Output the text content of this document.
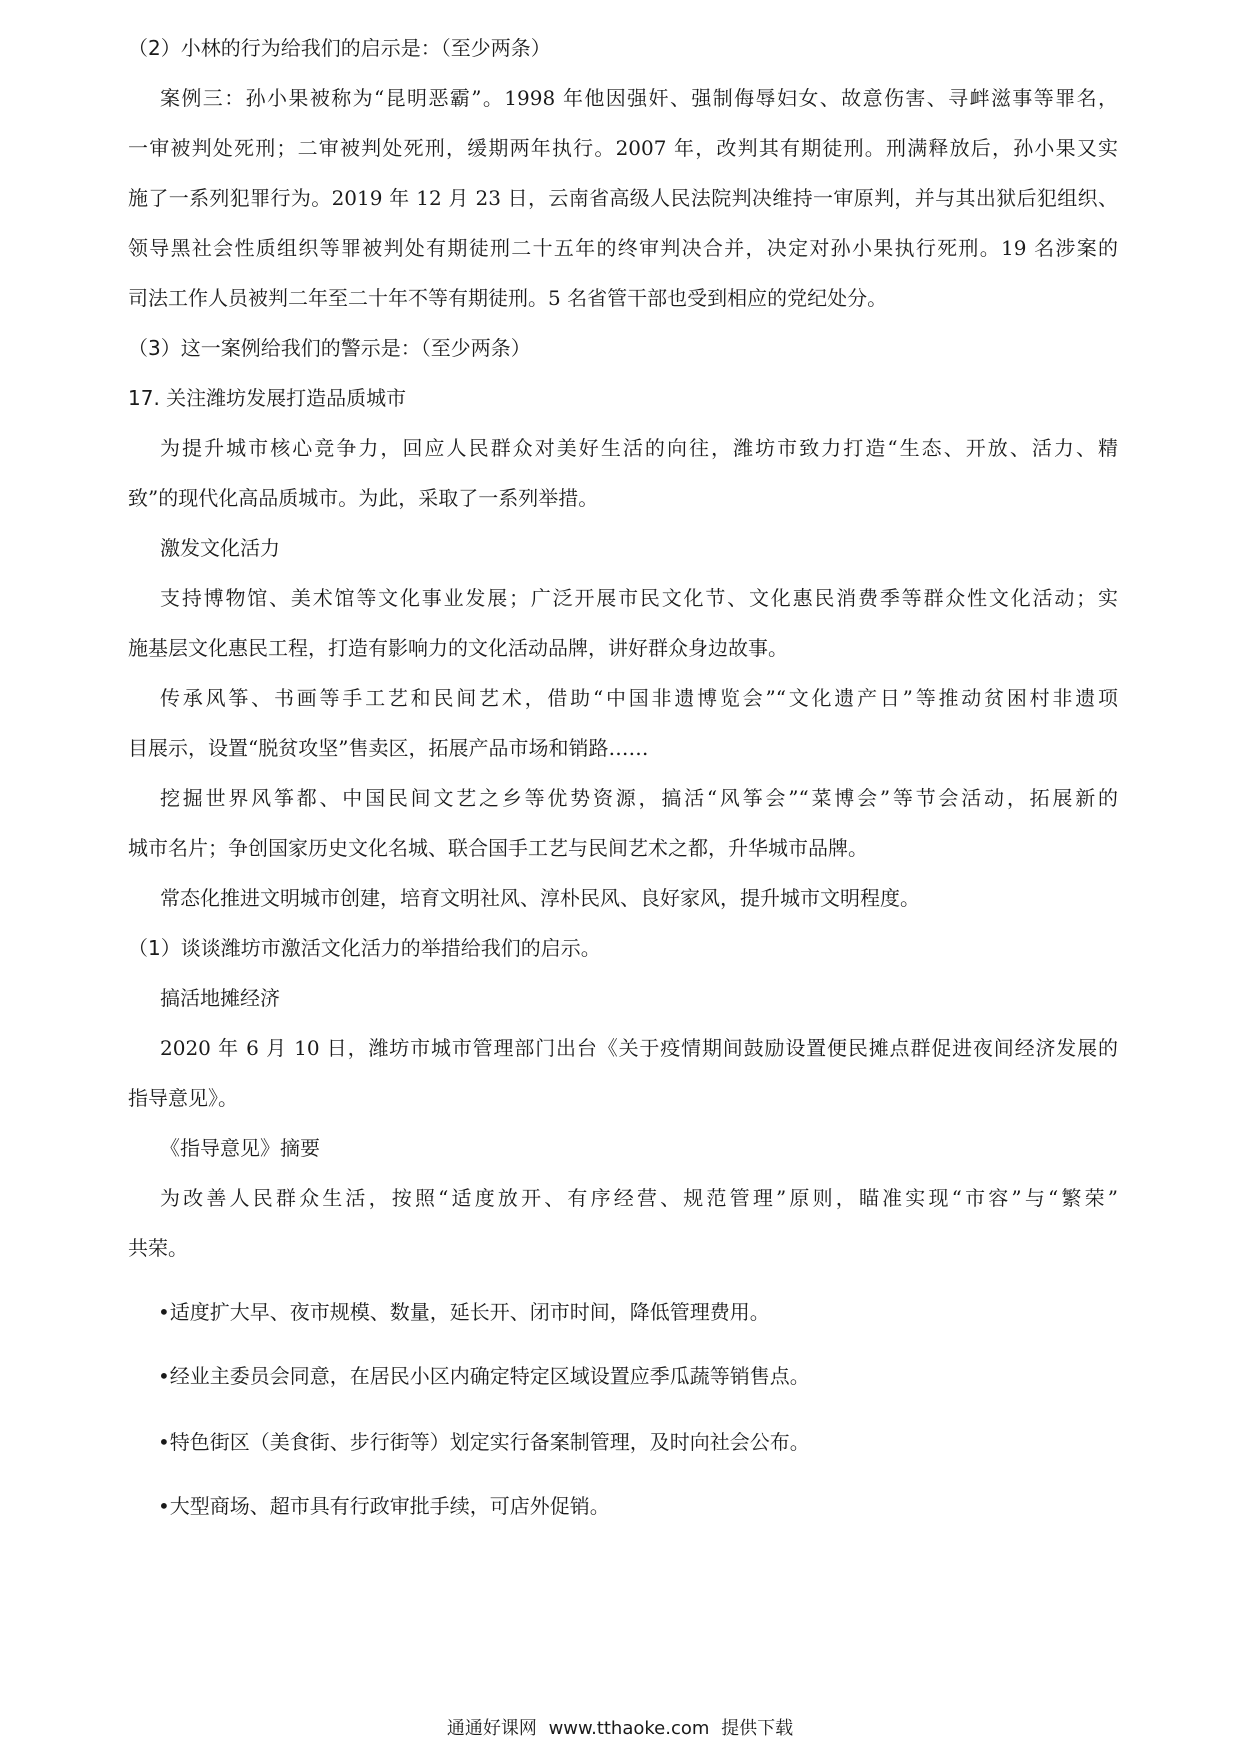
（2）小林的行为给我们的启示是：（至少两条）
案例三：孙小果被称为“昆明恶霸”。1998 年他因强奸、强制侮辱妇女、故意伤害、寻衅滋事等罪名，
一审被判处死刑；二审被判处死刑，缓期两年执行。2007 年，改判其有期徒刑。刑满释放后，孙小果又实
施了一系列犯罪行为。2019 年 12 月 23 日，云南省高级人民法院判决维持一审原判，并与其出狱后犯组织、
领导黑社会性质组织等罪被判处有期徒刑二十五年的终审判决合并，决定对孙小果执行死刑。19 名涉案的
司法工作人员被判二年至二十年不等有期徒刑。5 名省管干部也受到相应的党纪处分。
（3）这一案例给我们的警示是：（至少两条）
17. 关注潍坊发展打造品质城市
为提升城市核心竞争力，回应人民群众对美好生活的向往，潍坊市致力打造“生态、开放、活力、精
致”的现代化高品质城市。为此，采取了一系列举措。
激发文化活力
支持博物馆、美术馆等文化事业发展；广泛开展市民文化节、文化惠民消费季等群众性文化活动；实
施基层文化惠民工程，打造有影响力的文化活动品牌，讲好群众身边故事。
传承风筝、书画等手工艺和民间艺术，借助“中国非遗博览会”“文化遗产日”等推动贫困村非遗项
目展示，设置“脱贫攻坚”售卖区，拓展产品市场和销路……
挖掘世界风筝都、中国民间文艺之乡等优势资源，搞活“风筝会”“菜博会”等节会活动，拓展新的
城市名片；争创国家历史文化名城、联合国手工艺与民间艺术之都，升华城市品牌。
常态化推进文明城市创建，培育文明社风、淳朴民风、良好家风，提升城市文明程度。
（1）谈谈潍坊市激活文化活力的举措给我们的启示。
搞活地摊经济
2020 年 6 月 10 日，潍坊市城市管理部门出台《关于疫情期间鼓励设置便民摊点群促进夜间经济发展的
指导意见》。
《指导意见》摘要
为改善人民群众生活，按照“适度放开、有序经营、规范管理”原则，瞄准实现“市容”与“繁荣”
共荣。
•适度扩大早、夜市规模、数量，延长开、闭市时间，降低管理费用。
•经业主委员会同意，在居民小区内确定特定区域设置应季瓜蔬等销售点。
•特色街区（美食街、步行街等）划定实行备案制管理，及时向社会公布。
•大型商场、超市具有行政审批手续，可店外促销。
通通好课网 www.tthaoke.com 提供下载
